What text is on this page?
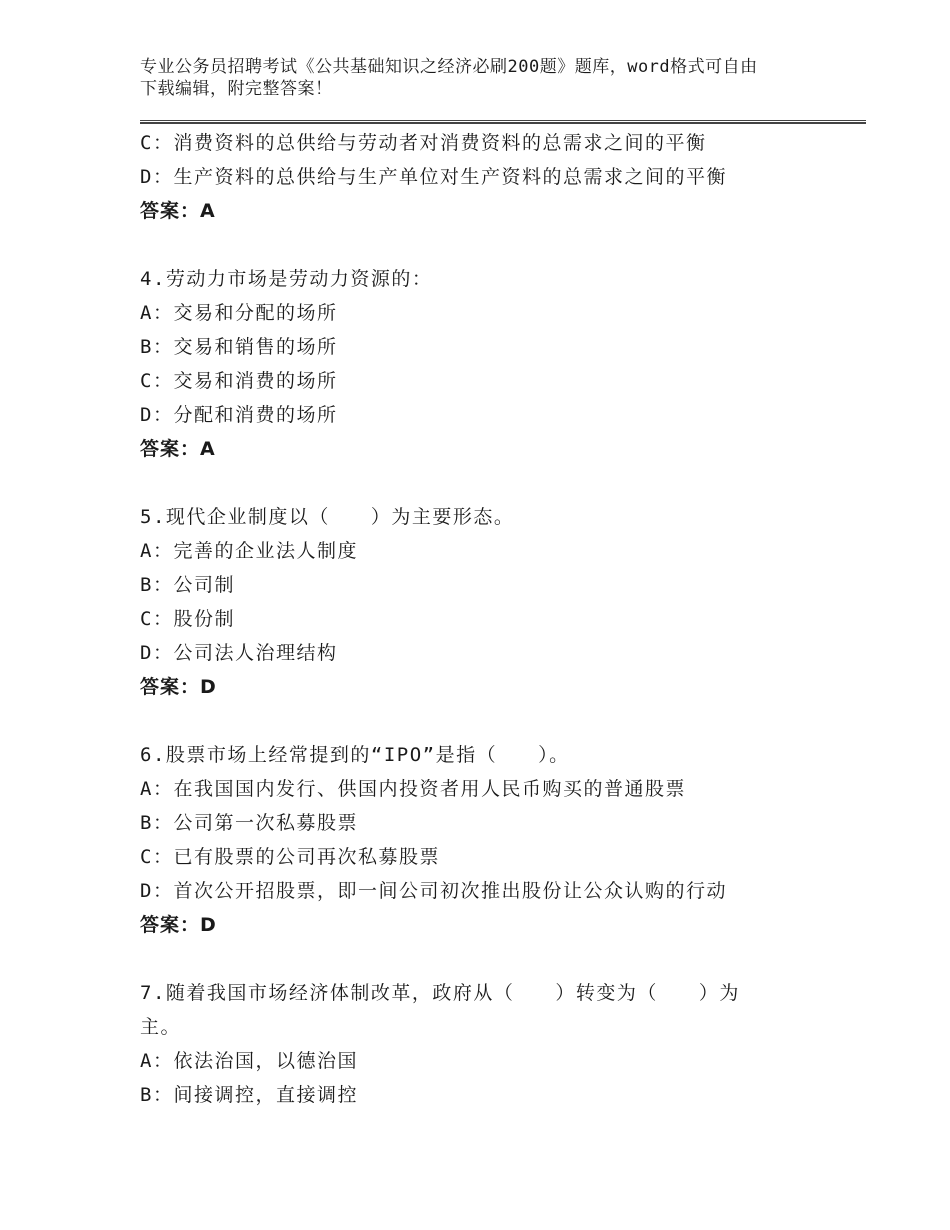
专业公务员招聘考试《公共基础知识之经济必刷200题》题库，word格式可自由
下载编辑，附完整答案！
C：消费资料的总供给与劳动者对消费资料的总需求之间的平衡
D：生产资料的总供给与生产单位对生产资料的总需求之间的平衡
答案：A
4.劳动力市场是劳动力资源的：
A：交易和分配的场所
B：交易和销售的场所
C：交易和消费的场所
D：分配和消费的场所
答案：A
5.现代企业制度以（　　）为主要形态。
A：完善的企业法人制度
B：公司制
C：股份制
D：公司法人治理结构
答案：D
6.股票市场上经常提到的“IPO”是指（　　）。
A：在我国国内发行、供国内投资者用人民币购买的普通股票
B：公司第一次私募股票
C：已有股票的公司再次私募股票
D：首次公开招股票，即一间公司初次推出股份让公众认购的行动
答案：D
7.随着我国市场经济体制改革，政府从（　　）转变为（　　）为
主。
A：依法治国，以德治国
B：间接调控，直接调控
